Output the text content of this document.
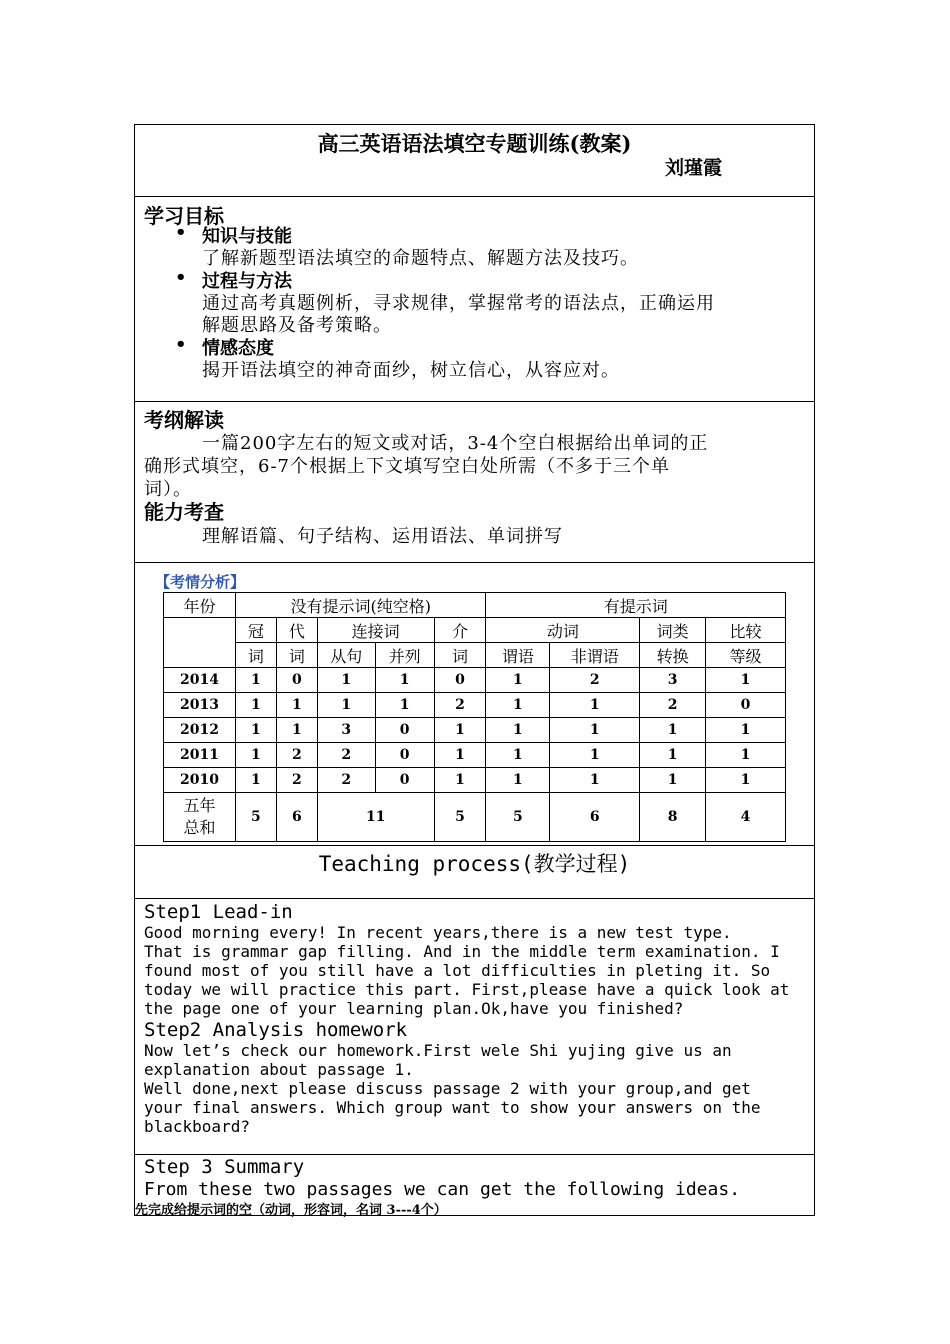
高三英语语法填空专题训练(教案)
刘瑾霞
学习目标
• 知识与技能
了解新题型语法填空的命题特点、解题方法及技巧。
• 过程与方法
通过高考真题例析，寻求规律，掌握常考的语法点，正确运用
解题思路及备考策略。
• 情感态度
揭开语法填空的神奇面纱，树立信心，从容应对。
考纲解读
一篇200字左右的短文或对话，3-4个空白根据给出单词的正
确形式填空，6-7个根据上下文填写空白处所需（不多于三个单
词）。
能力考查
理解语篇、句子结构、运用语法、单词拼写
【考情分析】
年份	没有提示词(纯空格)					有提示词			
	冠	代	连接词		介	动词		词类	比较
	词	词	从句	并列	词	谓语	非谓语	转换	等级
2014	1	0	1	1	0	1	2	3	1
2013	1	1	1	1	2	1	1	2	0
2012	1	1	3	0	1	1	1	1	1
2011	1	2	2	0	1	1	1	1	1
2010	1	2	2	0	1	1	1	1	1

五年
总和	5	6	11		5	5	6	8	4
Teaching process(教学过程)
Step1 Lead-in
Good morning every! In recent years,there is a new test type.
That is grammar gap filling. And in the middle term examination. I
found most of you still have a lot difficulties in pleting it. So
today we will practice this part. First,please have a quick look at
the page one of your learning plan.Ok,have you finished?
Step2 Analysis homework
Now let’s check our homework.First wele Shi yujing give us an
explanation about passage 1.
Well done,next please discuss passage 2 with your group,and get
your final answers. Which group want to show your answers on the
blackboard?
Step 3 Summary
From these two passages we can get the following ideas.
先完成给提示词的空（动词，形容词，名词 3---4个）
